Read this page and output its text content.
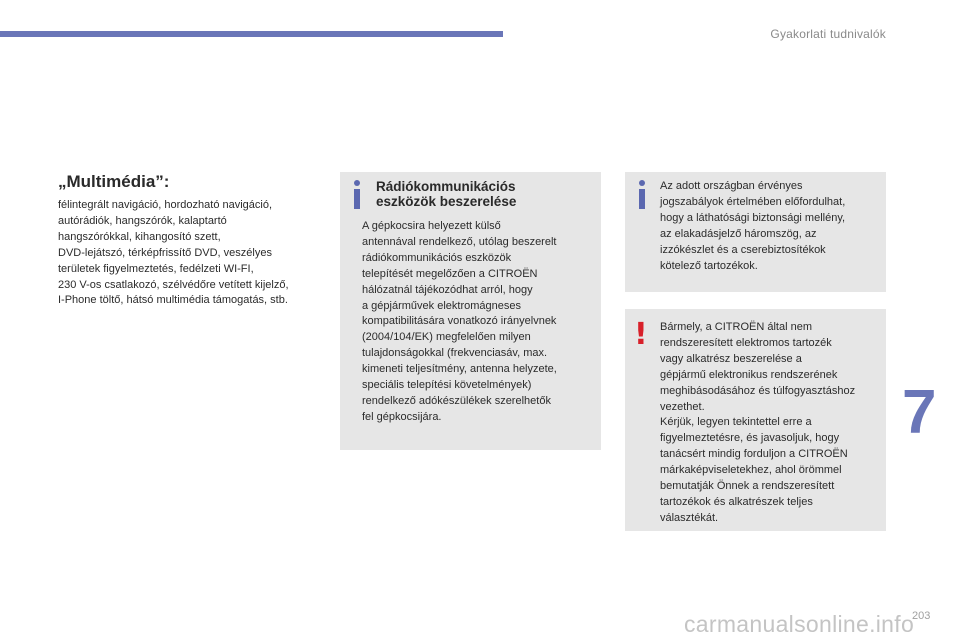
Gyakorlati tudnivalók
„Multimédia”:

félintegrált navigáció, hordozható navigáció,
autórádiók, hangszórók, kalaptartó
hangszórókkal, kihangosító szett,
DVD-lejátszó, térképfrissítő DVD, veszélyes
területek figyelmeztetés, fedélzeti WI-FI,
230 V-os csatlakozó, szélvédőre vetített kijelző,
I-Phone töltő, hátsó multimédia támogatás, stb.

Rádiókommunikációs
eszközök beszerelése

A gépkocsira helyezett külső
antennával rendelkező, utólag beszerelt
rádiókommunikációs eszközök
telepítését megelőzően a CITROËN
hálózatnál tájékozódhat arról, hogy
a gépjárművek elektromágneses
kompatibilitására vonatkozó irányelvnek
(2004/104/EK) megfelelően milyen
tulajdonságokkal (frekvenciasáv, max.
kimeneti teljesítmény, antenna helyzete,
speciális telepítési követelmények)
rendelkező adókészülékek szerelhetők
fel gépkocsijára.

Az adott országban érvényes
jogszabályok értelmében előfordulhat,
hogy a láthatósági biztonsági mellény,
az elakadásjelző háromszög, az
izzókészlet és a cserebiztosítékok
kötelező tartozékok.

! Bármely, a CITROËN által nem
rendszeresített elektromos tartozék
vagy alkatrész beszerelése a
gépjármű elektronikus rendszerének
meghibásodásához és túlfogyasztáshoz
vezethet.
Kérjük, legyen tekintettel erre a
figyelmeztetésre, és javasoljuk, hogy
tanácsért mindig forduljon a CITROËN
márkaképviseletekhez, ahol örömmel
bemutatják Önnek a rendszeresített
tartozékok és alkatrészek teljes
választékát.

7
203
carmanualsonline.info
